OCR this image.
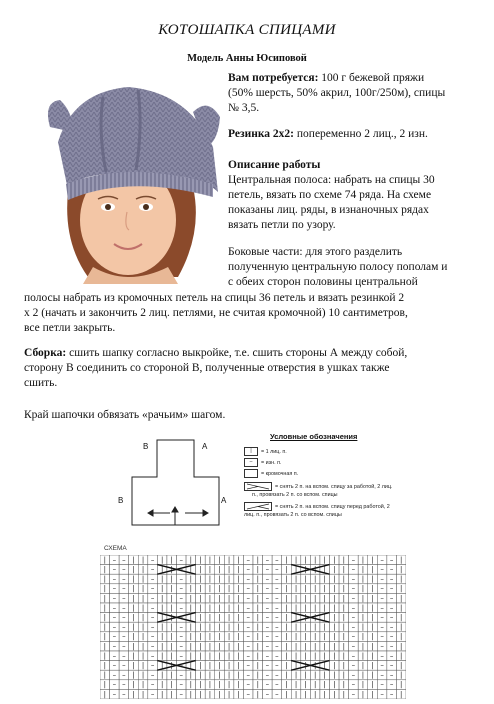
КОТОШАПКА СПИЦАМИ
Модель Анны Юсиповой
Вам потребуется: 100 г бежевой пряжи
(50% шерсть, 50% акрил, 100г/250м), спицы
№ 3,5.
Резинка 2х2: попеременно 2 лиц., 2 изн.
Описание работы
Центральная полоса: набрать на спицы 30
петель, вязать по схеме 74 ряда. На схеме
показаны лиц. ряды, в изнаночных рядах
вязать петли по узору.
Боковые части: для этого разделить
полученную центральную полосу пополам и
с обеих сторон половины центральной
полосы набрать из кромочных петель на спицы 36 петель и вязать резинкой 2
х 2 (начать и закончить 2 лиц. петлями, не считая кромочной) 10 сантиметров,
все петли закрыть.
Сборка: сшить шапку согласно выкройке, т.е. сшить стороны А между собой,
сторону В соединить со стороной В, полученные отверстия в ушках также
сшить.
Край шапочки обвязать «рачьим» шагом.
В	А
В	А
Условные обозначения
| = 1 лиц. п.
– = изн. п.
= кромочная п.
= снять 2 п. на вспом. спицу за работой, 2 лиц.
п., провязать 2 п. со вспом. спицы
= снять 2 п. на вспом. спицу перед работой, 2
лиц. п., провязать 2 п. со вспом. спицы
СХЕМА
| – – | | – | | – | | | | | | – | – – | | | | | | | – | | – – |
| – – | | – | | – | | | | | | – | – – | | | | | | | – | | – – |
| – – | | – | | – | | | | | | – | – – | | | | | | | – | | – – |
| – – | | – | | – | | | | | | – | – – | | | | | | | – | | – – |
| – – | | – | | – | | | | | | – | – – | | | | | | | – | | – – |
| – – | | – | | – | | | | | | – | – – | | | | | | | – | | – – |
| – – | | – | | – | | | | | | – | – – | | | | | | | – | | – – |
| – – | | – | | – | | | | | | – | – – | | | | | | | – | | – – |
| – – | | – | | – | | | | | | – | – – | | | | | | | – | | – – |
| – – | | – | | – | | | | | | – | – – | | | | | | | – | | – – |
| – – | | – | | – | | | | | | – | – – | | | | | | | – | | – – |
| – – | | – | | – | | | | | | – | – – | | | | | | | – | | – – |
| – – | | – | | – | | | | | | – | – – | | | | | | | – | | – – |
| – – | | – | | – | | | | | | – | – – | | | | | | | – | | – – |
| – – | | – | | – | | | | | | – | – – | | | | | | | – | | – – |
